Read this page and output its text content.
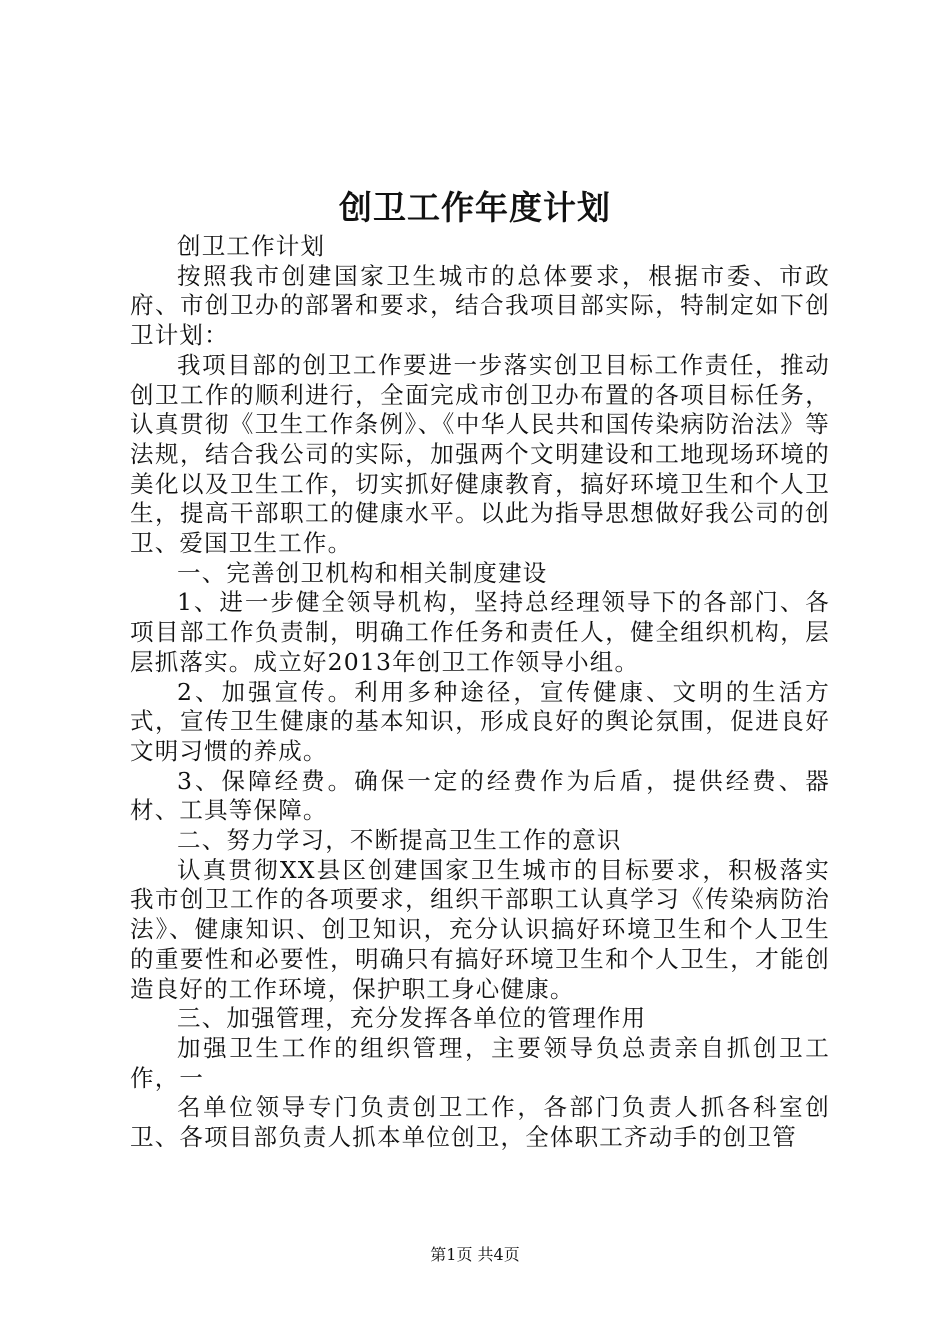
创卫工作年度计划

创卫工作计划

按照我市创建国家卫生城市的总体要求，根据市委、市政府、市创卫办的部署和要求，结合我项目部实际，特制定如下创卫计划：

我项目部的创卫工作要进一步落实创卫目标工作责任，推动创卫工作的顺利进行，全面完成市创卫办布置的各项目标任务，认真贯彻《卫生工作条例》、《中华人民共和国传染病防治法》等法规，结合我公司的实际，加强两个文明建设和工地现场环境的美化以及卫生工作，切实抓好健康教育，搞好环境卫生和个人卫生，提高干部职工的健康水平。以此为指导思想做好我公司的创卫、爱国卫生工作。

一、完善创卫机构和相关制度建设

1、进一步健全领导机构，坚持总经理领导下的各部门、各项目部工作负责制，明确工作任务和责任人，健全组织机构，层层抓落实。成立好2013年创卫工作领导小组。

2、加强宣传。利用多种途径，宣传健康、文明的生活方式，宣传卫生健康的基本知识，形成良好的舆论氛围，促进良好文明习惯的养成。

3、保障经费。确保一定的经费作为后盾，提供经费、器材、工具等保障。

二、努力学习，不断提高卫生工作的意识

认真贯彻XX县区创建国家卫生城市的目标要求，积极落实我市创卫工作的各项要求，组织干部职工认真学习《传染病防治法》、健康知识、创卫知识，充分认识搞好环境卫生和个人卫生的重要性和必要性，明确只有搞好环境卫生和个人卫生，才能创造良好的工作环境，保护职工身心健康。

三、加强管理，充分发挥各单位的管理作用

加强卫生工作的组织管理，主要领导负总责亲自抓创卫工作，一

名单位领导专门负责创卫工作，各部门负责人抓各科室创卫、各项目部负责人抓本单位创卫，全体职工齐动手的创卫管

第1页 共4页
